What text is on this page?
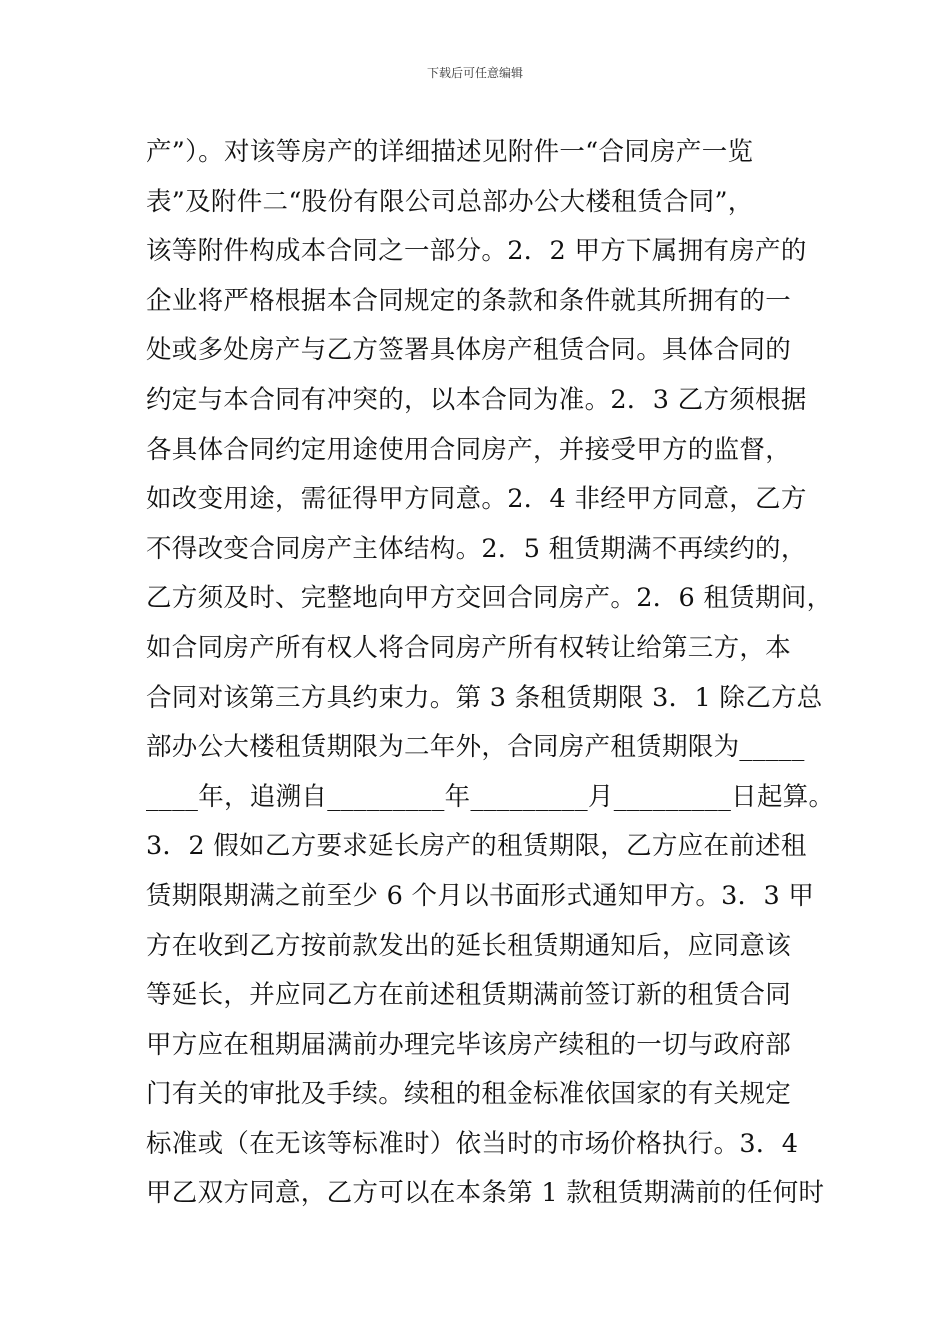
下载后可任意编辑
产”）。对该等房产的详细描述见附件一“合同房产一览
表”及附件二“股份有限公司总部办公大楼租赁合同”，
该等附件构成本合同之一部分。2．2 甲方下属拥有房产的
企业将严格根据本合同规定的条款和条件就其所拥有的一
处或多处房产与乙方签署具体房产租赁合同。具体合同的
约定与本合同有冲突的，以本合同为准。2．3 乙方须根据
各具体合同约定用途使用合同房产，并接受甲方的监督，
如改变用途，需征得甲方同意。2．4 非经甲方同意，乙方
不得改变合同房产主体结构。2．5 租赁期满不再续约的，
乙方须及时、完整地向甲方交回合同房产。2．6 租赁期间，
如合同房产所有权人将合同房产所有权转让给第三方，本
合同对该第三方具约束力。第 3 条租赁期限 3．1 除乙方总
部办公大楼租赁期限为二年外，合同房产租赁期限为_____
____年，追溯自_________年_________月_________日起算。
3．2 假如乙方要求延长房产的租赁期限，乙方应在前述租
赁期限期满之前至少 6 个月以书面形式通知甲方。3．3 甲
方在收到乙方按前款发出的延长租赁期通知后，应同意该
等延长，并应同乙方在前述租赁期满前签订新的租赁合同
甲方应在租期届满前办理完毕该房产续租的一切与政府部
门有关的审批及手续。续租的租金标准依国家的有关规定
标准或（在无该等标准时）依当时的市场价格执行。3．4
甲乙双方同意，乙方可以在本条第 1 款租赁期满前的任何时
